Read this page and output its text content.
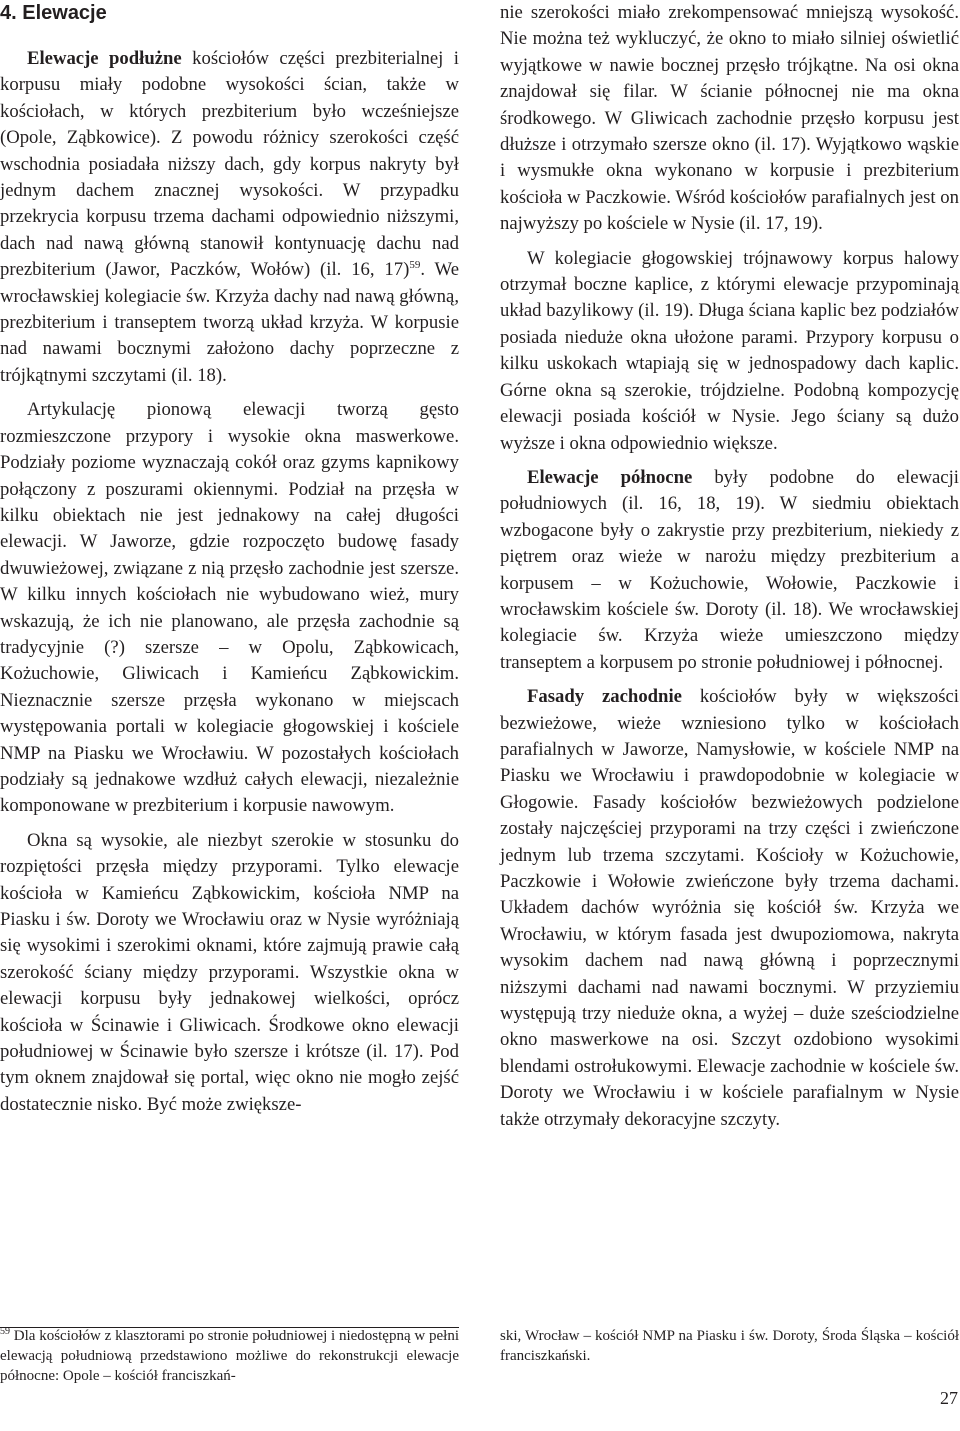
4. Elewacje

Elewacje podłużne kościołów części prezbiterialnej i korpusu miały podobne wysokości ścian, także w kościołach, w których prezbiterium było wcześniejsze (Opole, Ząbkowice). Z powodu różnicy szerokości część wschodnia posiadała niższy dach, gdy korpus nakryty był jednym dachem znacznej wysokości. W przypadku przekrycia korpusu trzema dachami odpowiednio niższymi, dach nad nawą główną stanowił kontynuację dachu nad prezbiterium (Jawor, Paczków, Wołów) (il. 16, 17)$^{59}$. We wrocławskiej kolegiacie św. Krzyża dachy nad nawą główną, prezbiterium i transeptem tworzą układ krzyża. W korpusie nad nawami bocznymi założono dachy poprzeczne z trójkątnymi szczytami (il. 18).

Artykulację pionową elewacji tworzą gęsto rozmieszczone przypory i wysokie okna maswerkowe. Podziały poziome wyznaczają cokół oraz gzyms kapnikowy połączony z poszurami okiennymi. Podział na przęsła w kilku obiektach nie jest jednakowy na całej długości elewacji. W Jaworze, gdzie rozpoczęto budowę fasady dwuwieżowej, związane z nią przęsło zachodnie jest szersze. W kilku innych kościołach nie wybudowano wież, mury wskazują, że ich nie planowano, ale przęsła zachodnie są tradycyjnie (?) szersze – w Opolu, Ząbkowicach, Kożuchowie, Gliwicach i Kamieńcu Ząbkowickim. Nieznacznie szersze przęsła wykonano w miejscach występowania portali w kolegiacie głogowskiej i kościele NMP na Piasku we Wrocławiu. W pozostałych kościołach podziały są jednakowe wzdłuż całych elewacji, niezależnie komponowane w prezbiterium i korpusie nawowym.

Okna są wysokie, ale niezbyt szerokie w stosunku do rozpiętości przęsła między przyporami. Tylko elewacje kościoła w Kamieńcu Ząbkowickim, kościoła NMP na Piasku i św. Doroty we Wrocławiu oraz w Nysie wyróżniają się wysokimi i szerokimi oknami, które zajmują prawie całą szerokość ściany między przyporami. Wszystkie okna w elewacji korpusu były jednakowej wielkości, oprócz kościoła w Ścinawie i Gliwicach. Środkowe okno elewacji południowej w Ścinawie było szersze i krótsze (il. 17). Pod tym oknem znajdował się portal, więc okno nie mogło zejść dostatecznie nisko. Być może zwiększe-

nie szerokości miało zrekompensować mniejszą wysokość. Nie można też wykluczyć, że okno to miało silniej oświetlić wyjątkowe w nawie bocznej przęsło trójkątne. Na osi okna znajdował się filar. W ścianie północnej nie ma okna środkowego. W Gliwicach zachodnie przęsło korpusu jest dłuższe i otrzymało szersze okno (il. 17). Wyjątkowo wąskie i wysmukłe okna wykonano w korpusie i prezbiterium kościoła w Paczkowie. Wśród kościołów parafialnych jest on najwyższy po kościele w Nysie (il. 17, 19).

W kolegiacie głogowskiej trójnawowy korpus halowy otrzymał boczne kaplice, z którymi elewacje przypominają układ bazylikowy (il. 19). Długa ściana kaplic bez podziałów posiada nieduże okna ułożone parami. Przypory korpusu o kilku uskokach wtapiają się w jednospadowy dach kaplic. Górne okna są szerokie, trójdzielne. Podobną kompozycję elewacji posiada kościół w Nysie. Jego ściany są dużo wyższe i okna odpowiednio większe.

Elewacje północne były podobne do elewacji południowych (il. 16, 18, 19). W siedmiu obiektach wzbogacone były o zakrystie przy prezbiterium, niekiedy z piętrem oraz wieże w narożu między prezbiterium a korpusem – w Kożuchowie, Wołowie, Paczkowie i wrocławskim kościele św. Doroty (il. 18). We wrocławskiej kolegiacie św. Krzyża wieże umieszczono między transeptem a korpusem po stronie południowej i północnej.

Fasady zachodnie kościołów były w większości bezwieżowe, wieże wzniesiono tylko w kościołach parafialnych w Jaworze, Namysłowie, w kościele NMP na Piasku we Wrocławiu i prawdopodobnie w kolegiacie w Głogowie. Fasady kościołów bezwieżowych podzielone zostały najczęściej przyporami na trzy części i zwieńczone jednym lub trzema szczytami. Kościoły w Kożuchowie, Paczkowie i Wołowie zwieńczone były trzema dachami. Układem dachów wyróżnia się kościół św. Krzyża we Wrocławiu, w którym fasada jest dwupoziomowa, nakryta wysokim dachem nad nawą główną i poprzecznymi niższymi dachami nad nawami bocznymi. W przyziemiu występują trzy nieduże okna, a wyżej – duże sześciodzielne okno maswerkowe na osi. Szczyt ozdobiono wysokimi blendami ostrołukowymi. Elewacje zachodnie w kościele św. Doroty we Wrocławiu i w kościele parafialnym w Nysie także otrzymały dekoracyjne szczyty.

$^{59}$ Dla kościołów z klasztorami po stronie południowej i niedostępną w pełni elewacją południową przedstawiono możliwe do rekonstrukcji elewacje północne: Opole – kościół franciszkań-
ski, Wrocław – kościół NMP na Piasku i św. Doroty, Środa Śląska – kościół franciszkański.
27
